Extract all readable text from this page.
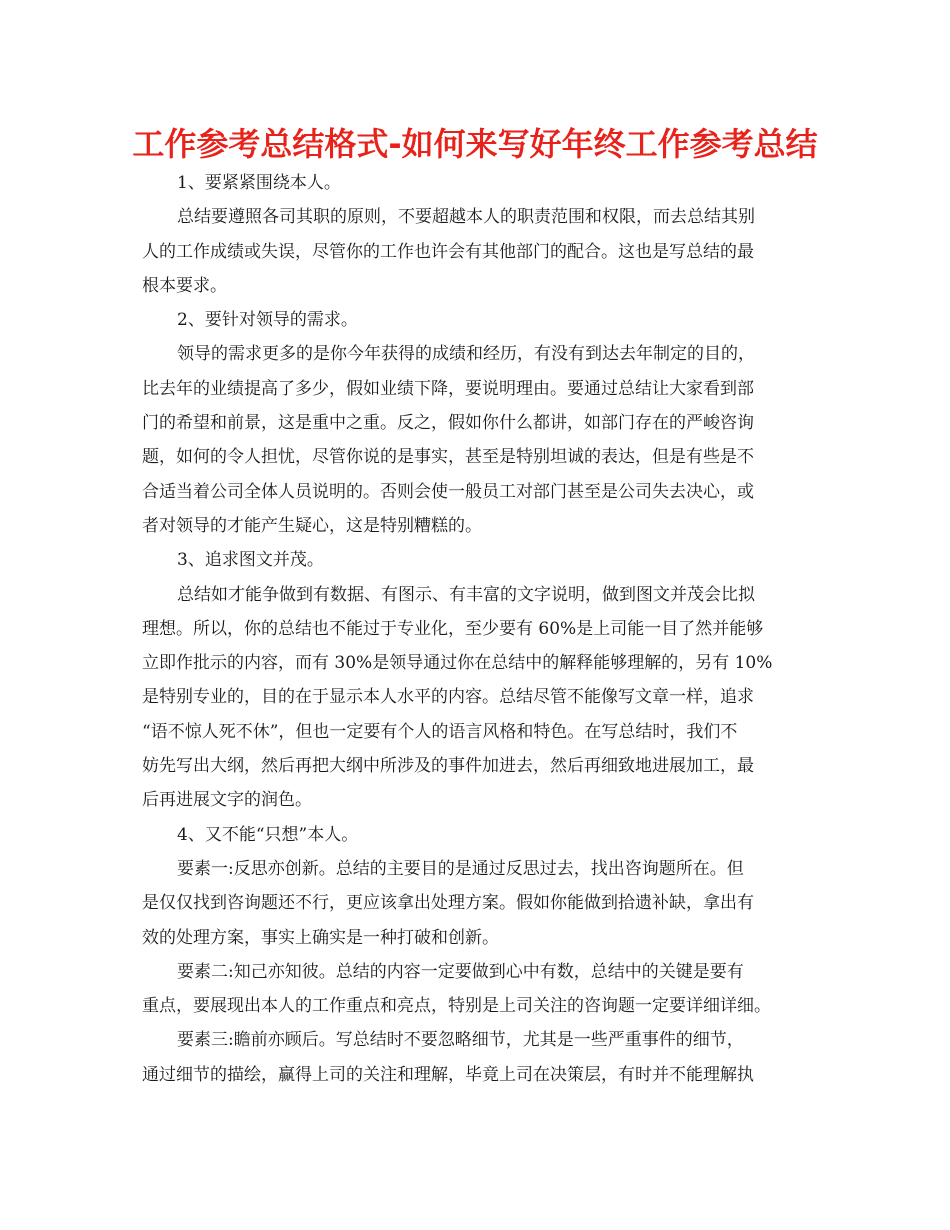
工作参考总结格式-如何来写好年终工作参考总结
1、要紧紧围绕本人。
总结要遵照各司其职的原则，不要超越本人的职责范围和权限，而去总结其别
人的工作成绩或失误，尽管你的工作也许会有其他部门的配合。这也是写总结的最
根本要求。
2、要针对领导的需求。
领导的需求更多的是你今年获得的成绩和经历，有没有到达去年制定的目的，
比去年的业绩提高了多少，假如业绩下降，要说明理由。要通过总结让大家看到部
门的希望和前景，这是重中之重。反之，假如你什么都讲，如部门存在的严峻咨询
题，如何的令人担忧，尽管你说的是事实，甚至是特别坦诚的表达，但是有些是不
合适当着公司全体人员说明的。否则会使一般员工对部门甚至是公司失去决心，或
者对领导的才能产生疑心，这是特别糟糕的。
3、追求图文并茂。
总结如才能争做到有数据、有图示、有丰富的文字说明，做到图文并茂会比拟
理想。所以，你的总结也不能过于专业化，至少要有 60%是上司能一目了然并能够
立即作批示的内容，而有 30%是领导通过你在总结中的解释能够理解的，另有 10%
是特别专业的，目的在于显示本人水平的内容。总结尽管不能像写文章一样，追求
“语不惊人死不休”，但也一定要有个人的语言风格和特色。在写总结时，我们不
妨先写出大纲，然后再把大纲中所涉及的事件加进去，然后再细致地进展加工，最
后再进展文字的润色。
4、又不能“只想”本人。
要素一:反思亦创新。总结的主要目的是通过反思过去，找出咨询题所在。但
是仅仅找到咨询题还不行，更应该拿出处理方案。假如你能做到拾遗补缺，拿出有
效的处理方案，事实上确实是一种打破和创新。
要素二:知己亦知彼。总结的内容一定要做到心中有数，总结中的关键是要有
重点，要展现出本人的工作重点和亮点，特别是上司关注的咨询题一定要详细详细。
要素三:瞻前亦顾后。写总结时不要忽略细节，尤其是一些严重事件的细节，
通过细节的描绘，赢得上司的关注和理解，毕竟上司在决策层，有时并不能理解执
